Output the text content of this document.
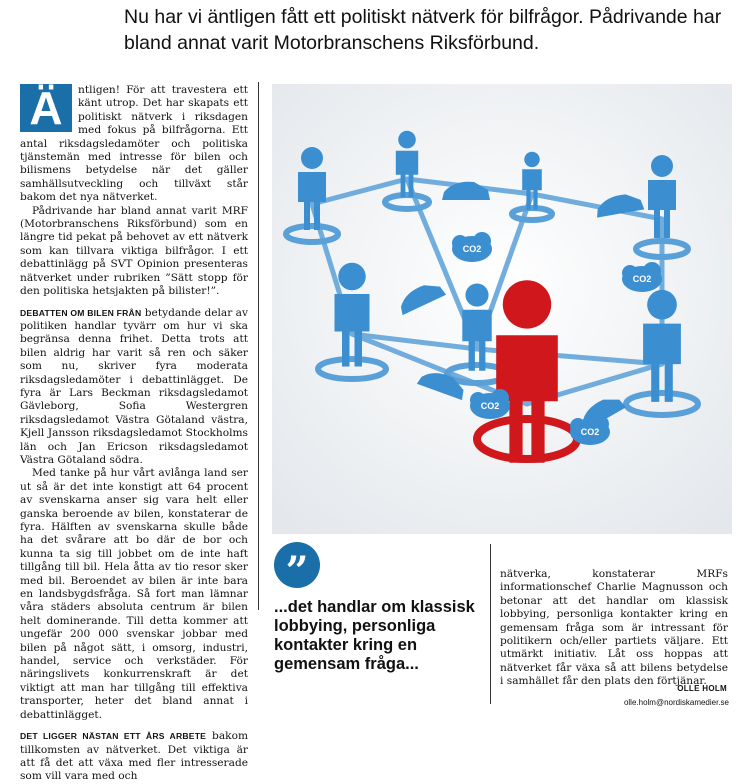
Nu har vi äntligen fått ett politiskt nätverk för bilfrågor. Pådrivande har bland annat varit Motorbranschens Riksförbund.

Ä	ntligen! För att travestera ett känt utrop. Det har skapats ett politiskt nätverk i riksdagen med fokus på bilfrågorna. Ett antal riksdagsledamöter och politiska tjänstemän med intresse för bilen och bilismens betydelse när det gäller samhällsutveckling och tillväxt står bakom det nya nätverket.

Pådrivande har bland annat varit MRF (Motorbranschens Riksförbund) som en längre tid pekat på behovet av ett nätverk som kan tillvara viktiga bilfrågor. I ett debattinlägg på SVT Opinion presenteras nätverket under rubriken ”Sätt stopp för den politiska hetsjakten på bilister!”.

DEBATTEN OM BILEN FRÅN betydande delar av politiken handlar tyvärr om hur vi ska begränsa denna frihet. Detta trots att bilen aldrig har varit så ren och säker som nu, skriver fyra moderata riksdagsledamöter i debattinlägget. De fyra är Lars Beckman riksdagsledamot Gävleborg, Sofia Westergren riksdagsledamot Västra Götaland västra, Kjell Jansson riksdagsledamot Stockholms län och Jan Ericson riksdagsledamot Västra Götaland södra.

Med tanke på hur vårt avlånga land ser ut så är det inte konstigt att 64 procent av svenskarna anser sig vara helt eller ganska beroende av bilen, konstaterar de fyra. Hälften av svenskarna skulle både ha det svårare att bo där de bor och kunna ta sig till jobbet om de inte haft tillgång till bil. Hela åtta av tio resor sker med bil. Beroendet av bilen är inte bara en landsbygdsfråga. Så fort man lämnar våra städers absoluta centrum är bilen helt dominerande. Till detta kommer att ungefär 200 000 svenskar jobbar med bilen på något sätt, i omsorg, industri, handel, service och verkstäder. För näringslivets konkurrenskraft är det viktigt att man har tillgång till effektiva transporter, heter det bland annat i debattinlägget.

DET LIGGER NÄSTAN ETT ÅRS ARBETE bakom tillkomsten av nätverket. Det viktiga är att få det att växa med fler intresserade som vill vara med och

CO2
CO2
CO2
CO2
”
...det handlar om klassisk lobbying, personliga kontakter kring en gemensam fråga...

nätverka, konstaterar MRFs informationschef Charlie Magnusson och betonar att det handlar om klassisk lobbying, personliga kontakter kring en gemensam fråga som är intressant för politikern och/eller partiets väljare. Ett utmärkt initiativ. Låt oss hoppas att nätverket får växa så att bilens betydelse i samhället får den plats den förtjänar.

OLLE HOLM
olle.holm@nordiskamedier.se
